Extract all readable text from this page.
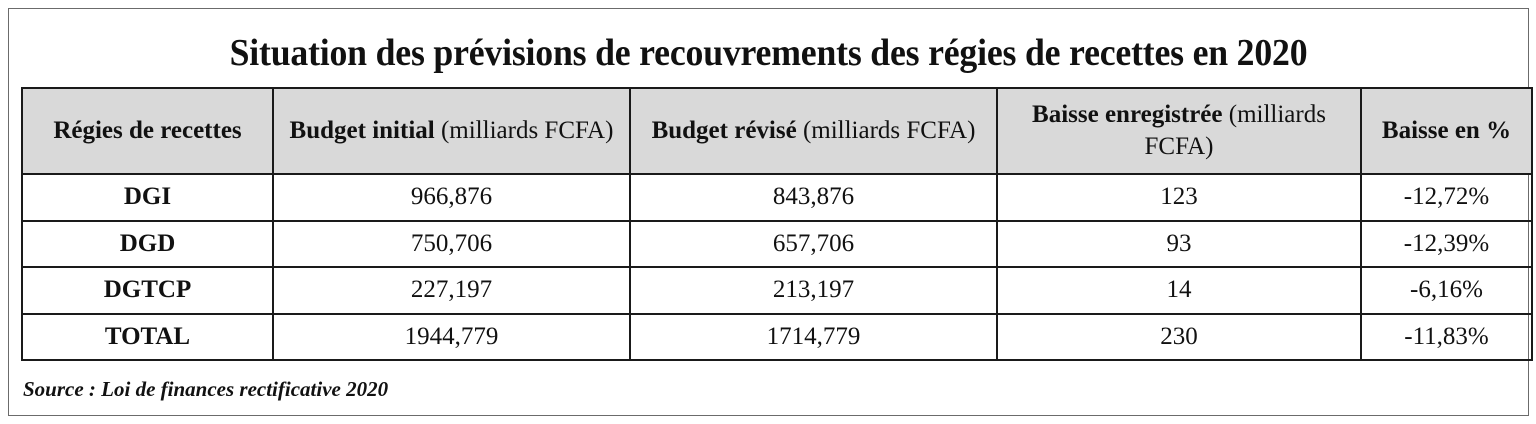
Situation des prévisions de recouvrements des régies de recettes en 2020
Régies de recettes	Budget initial (milliards FCFA)	Budget révisé (milliards FCFA)	Baisse enregistrée (milliards FCFA)	Baisse en %
DGI	966,876	843,876	123	-12,72%
DGD	750,706	657,706	93	-12,39%
DGTCP	227,197	213,197	14	-6,16%
TOTAL	1944,779	1714,779	230	-11,83%
Source : Loi de finances rectificative 2020
